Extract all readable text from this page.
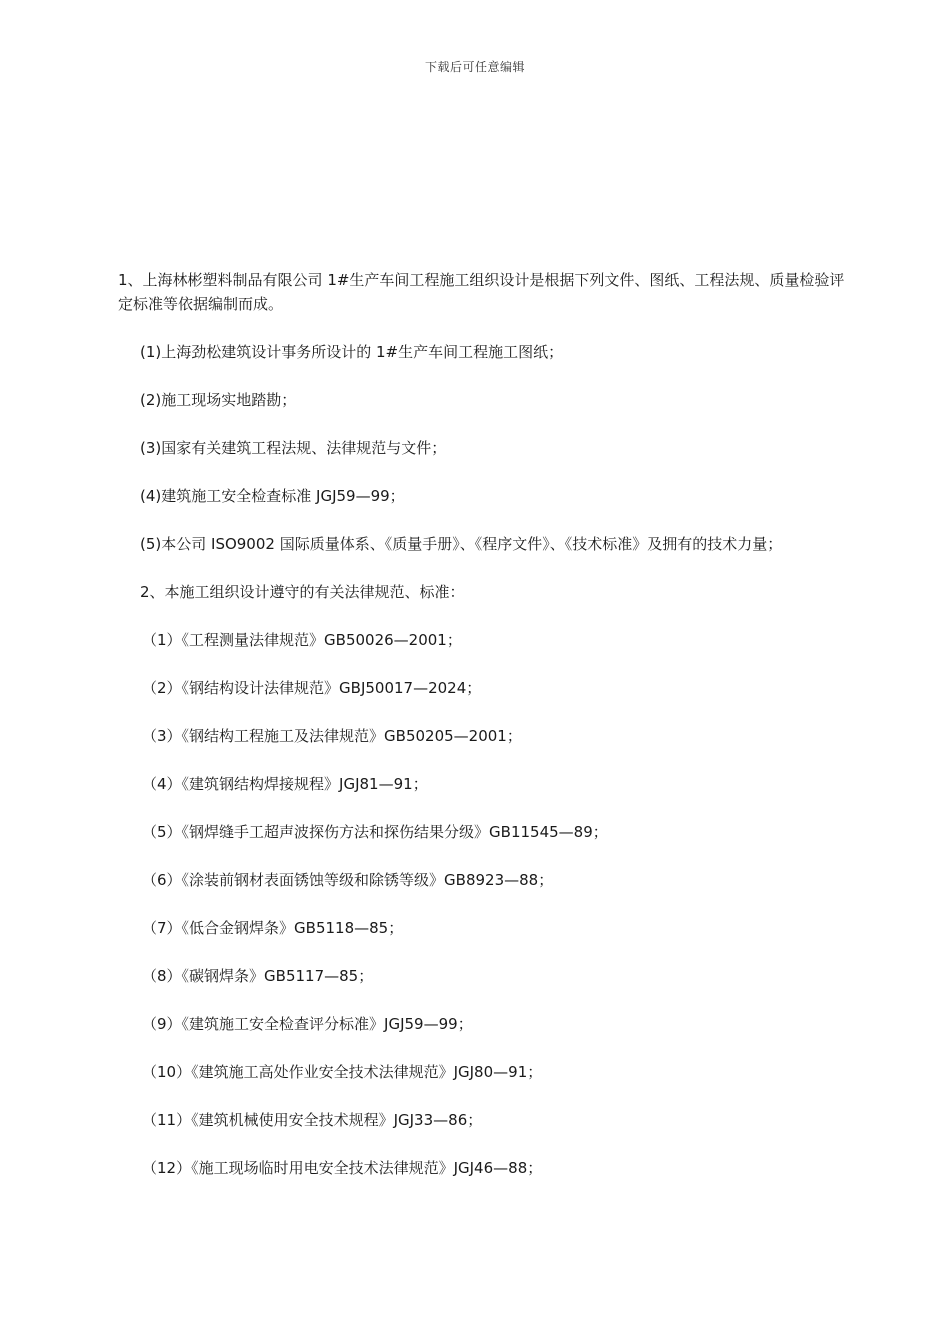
下载后可任意编辑

1、上海林彬塑料制品有限公司 1#生产车间工程施工组织设计是根据下列文件、图纸、工程法规、质量检验评定标准等依据编制而成。

(1)上海劲松建筑设计事务所设计的 1#生产车间工程施工图纸；

(2)施工现场实地踏勘；

(3)国家有关建筑工程法规、法律规范与文件；

(4)建筑施工安全检查标准 JGJ59—99；

(5)本公司 ISO9002 国际质量体系、《质量手册》、《程序文件》、《技术标准》及拥有的技术力量；

2、本施工组织设计遵守的有关法律规范、标准：

（1）《工程测量法律规范》GB50026—2001；

（2）《钢结构设计法律规范》GBJ50017—2024；

（3）《钢结构工程施工及法律规范》GB50205—2001；

（4）《建筑钢结构焊接规程》JGJ81—91；

（5）《钢焊缝手工超声波探伤方法和探伤结果分级》GB11545—89；

（6）《涂装前钢材表面锈蚀等级和除锈等级》GB8923—88；

（7）《低合金钢焊条》GB5118—85；

（8）《碳钢焊条》GB5117—85；

（9）《建筑施工安全检查评分标准》JGJ59—99；

（10）《建筑施工高处作业安全技术法律规范》JGJ80—91；

（11）《建筑机械使用安全技术规程》JGJ33—86；

（12）《施工现场临时用电安全技术法律规范》JGJ46—88；
